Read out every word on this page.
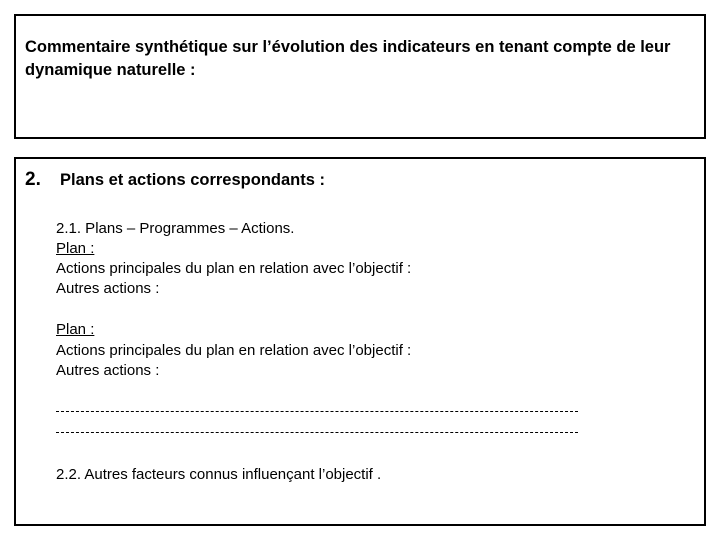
Commentaire synthétique sur l’évolution des indicateurs en tenant compte de leur dynamique naturelle :
2. Plans et actions correspondants :
2.1. Plans – Programmes – Actions.
Plan :
Actions principales du plan en relation avec l’objectif :
Autres actions :
Plan :
Actions principales du plan en relation avec l’objectif :
Autres actions :
2.2. Autres facteurs connus influençant l’objectif .
